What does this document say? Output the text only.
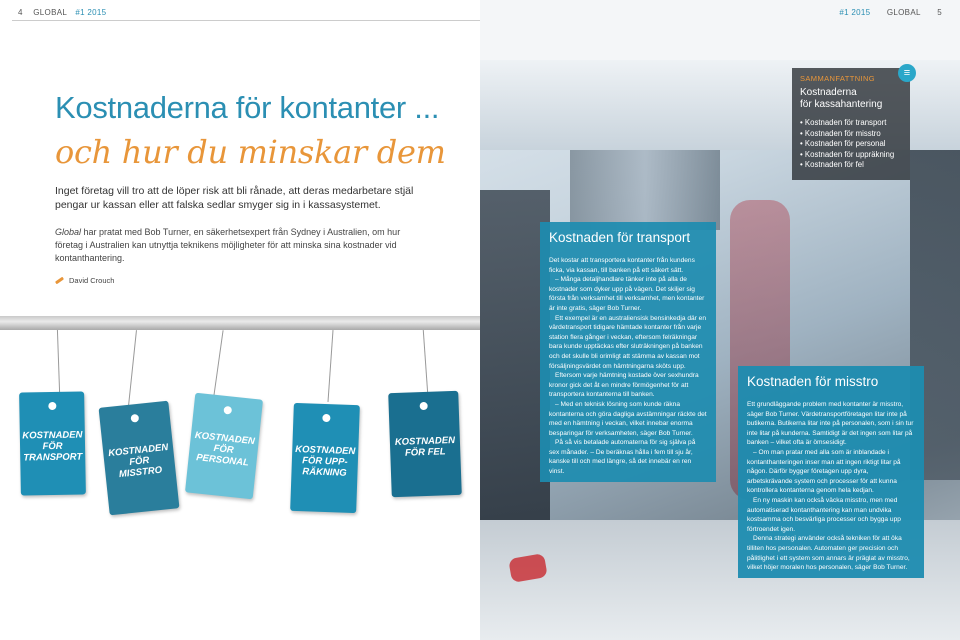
4 GLOBAL #1 2015
Kostnaderna för kontanter ...
och hur du minskar dem

Inget företag vill tro att de löper risk att bli rånade, att deras medarbetare stjäl pengar ur kassan eller att falska sedlar smyger sig in i kassasystemet.

Global har pratat med Bob Turner, en säkerhetsexpert från Sydney i Australien, om hur företag i Australien kan utnyttja teknikens möjligheter för att minska sina kostnader vid kontanthantering.

David Crouch
KOSTNADEN FÖR TRANSPORT	KOSTNADEN FÖR MISSTRO
KOSTNADEN FÖR PERSONAL
KOSTNADEN FÖR UPP-RÄKNING
KOSTNADEN FÖR FEL
#1 2015 GLOBAL 5
SAMMANFATTNING
Kostnaderna
för kassahantering
• Kostnaden för transport
• Kostnaden för misstro
• Kostnaden för personal
• Kostnaden för uppräkning
• Kostnaden för fel
≡
Kostnaden för transport

Det kostar att transportera kontanter från kundens ficka, via kassan, till banken på ett säkert sätt.

– Många detaljhandlare tänker inte på alla de kostnader som dyker upp på vägen. Det skiljer sig första från verksamhet till verksamhet, men kontanter är inte gratis, säger Bob Turner.

Ett exempel är en australiensisk bensinkedja där en värdetransport tidigare hämtade kontanter från varje station flera gånger i veckan, eftersom felräkningar bara kunde upptäckas efter sluträkningen på banken och det skulle bli orimligt att stämma av kassan mot försäljningsvärdet om hämtningarna sköts upp.

Eftersom varje hämtning kostade över sexhundra kronor gick det åt en mindre förmögenhet för att transportera kontanterna till banken.

– Med en teknisk lösning som kunde räkna kontanterna och göra dagliga avstämningar räckte det med en hämtning i veckan, vilket innebar enorma besparingar för verksamheten, säger Bob Turner.

På så vis betalade automaterna för sig själva på sex månader. – De beräknas hålla i fem till sju år, kanske till och med längre, så det innebär en ren vinst.

Kostnaden för misstro

Ett grundläggande problem med kontanter är misstro, säger Bob Turner. Värdetransportföretagen litar inte på butikerna. Butikerna litar inte på personalen, som i sin tur inte litar på kunderna. Samtidigt är det ingen som litar på banken – vilket ofta är ömsesidigt.

– Om man pratar med alla som är inblandade i kontanthanteringen inser man att ingen riktigt litar på någon. Därför bygger företagen upp dyra, arbetskrävande system och processer för att kunna kontrollera kontanterna genom hela kedjan.

En ny maskin kan också väcka misstro, men med automatiserad kontanthantering kan man undvika kostsamma och besvärliga processer och bygga upp förtroendet igen.

Denna strategi använder också tekniken för att öka tilliten hos personalen. Automaten ger precision och pålitlighet i ett system som annars är präglat av misstro, vilket höjer moralen hos personalen, säger Bob Turner.
